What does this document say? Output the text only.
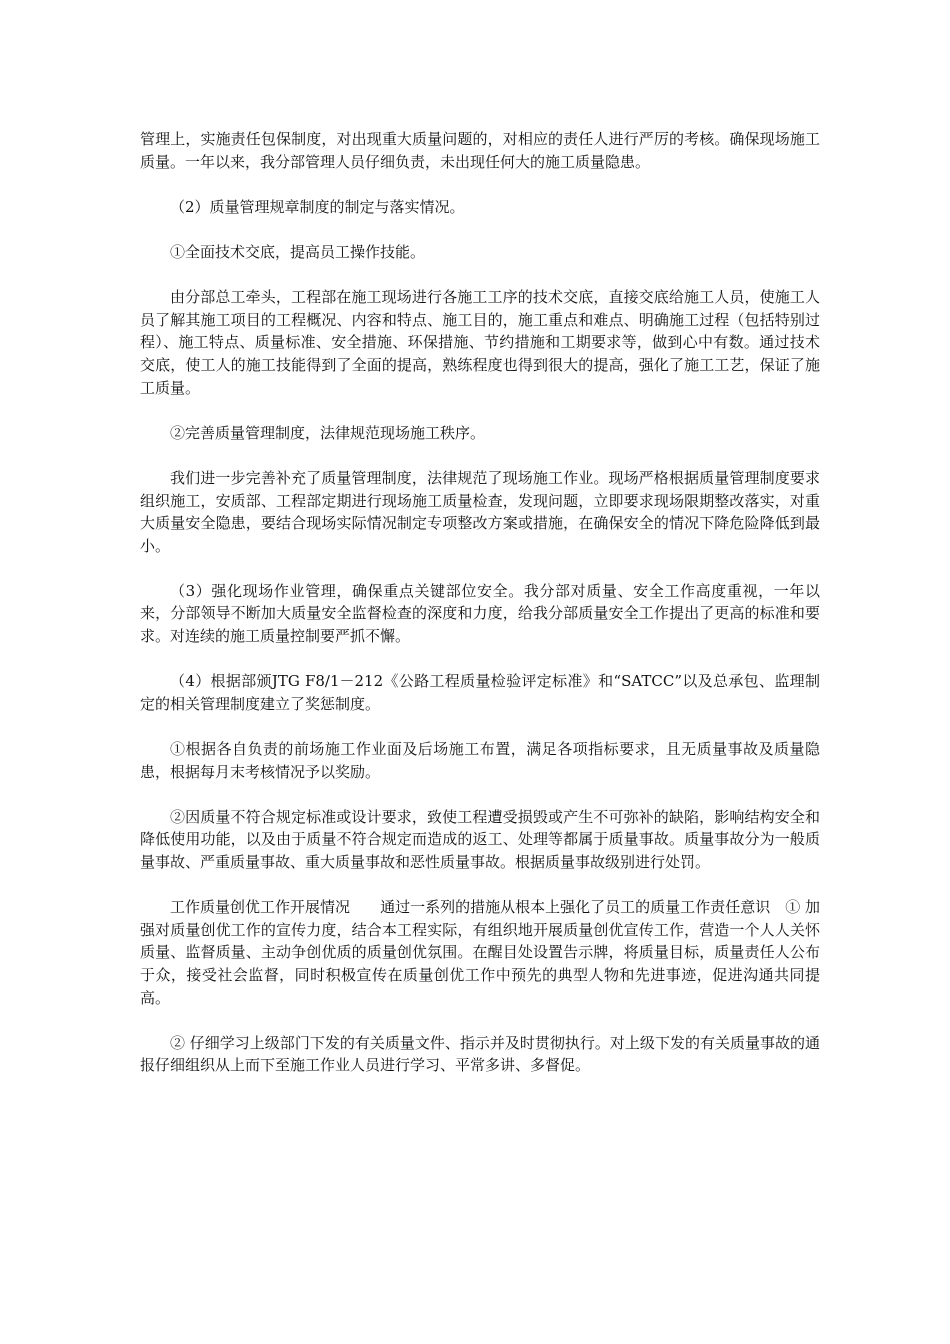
管理上，实施责任包保制度，对出现重大质量问题的，对相应的责任人进行严厉的考核。确保现场施工质量。一年以来，我分部管理人员仔细负责，未出现任何大的施工质量隐患。

（2）质量管理规章制度的制定与落实情况。

①全面技术交底，提高员工操作技能。

由分部总工牵头，工程部在施工现场进行各施工工序的技术交底，直接交底给施工人员，使施工人员了解其施工项目的工程概况、内容和特点、施工目的，施工重点和难点、明确施工过程（包括特别过程）、施工特点、质量标准、安全措施、环保措施、节约措施和工期要求等，做到心中有数。通过技术交底，使工人的施工技能得到了全面的提高，熟练程度也得到很大的提高，强化了施工工艺，保证了施工质量。

②完善质量管理制度，法律规范现场施工秩序。

我们进一步完善补充了质量管理制度，法律规范了现场施工作业。现场严格根据质量管理制度要求组织施工，安质部、工程部定期进行现场施工质量检查，发现问题，立即要求现场限期整改落实，对重大质量安全隐患，要结合现场实际情况制定专项整改方案或措施，在确保安全的情况下降危险降低到最小。

（3）强化现场作业管理，确保重点关键部位安全。我分部对质量、安全工作高度重视，一年以来，分部领导不断加大质量安全监督检查的深度和力度，给我分部质量安全工作提出了更高的标准和要求。对连续的施工质量控制要严抓不懈。

（4）根据部颁JTG F8/1－212《公路工程质量检验评定标准》和“SATCC”以及总承包、监理制定的相关管理制度建立了奖惩制度。

①根据各自负责的前场施工作业面及后场施工布置，满足各项指标要求，且无质量事故及质量隐患，根据每月末考核情况予以奖励。

②因质量不符合规定标准或设计要求，致使工程遭受损毁或产生不可弥补的缺陷，影响结构安全和降低使用功能，以及由于质量不符合规定而造成的返工、处理等都属于质量事故。质量事故分为一般质量事故、严重质量事故、重大质量事故和恶性质量事故。根据质量事故级别进行处罚。

工作质量创优工作开展情况　　通过一系列的措施从根本上强化了员工的质量工作责任意识　① 加强对质量创优工作的宣传力度，结合本工程实际，有组织地开展质量创优宣传工作，营造一个人人关怀质量、监督质量、主动争创优质的质量创优氛围。在醒目处设置告示牌，将质量目标，质量责任人公布于众，接受社会监督，同时积极宣传在质量创优工作中预先的典型人物和先进事迹，促进沟通共同提高。

② 仔细学习上级部门下发的有关质量文件、指示并及时贯彻执行。对上级下发的有关质量事故的通报仔细组织从上而下至施工作业人员进行学习、平常多讲、多督促。
